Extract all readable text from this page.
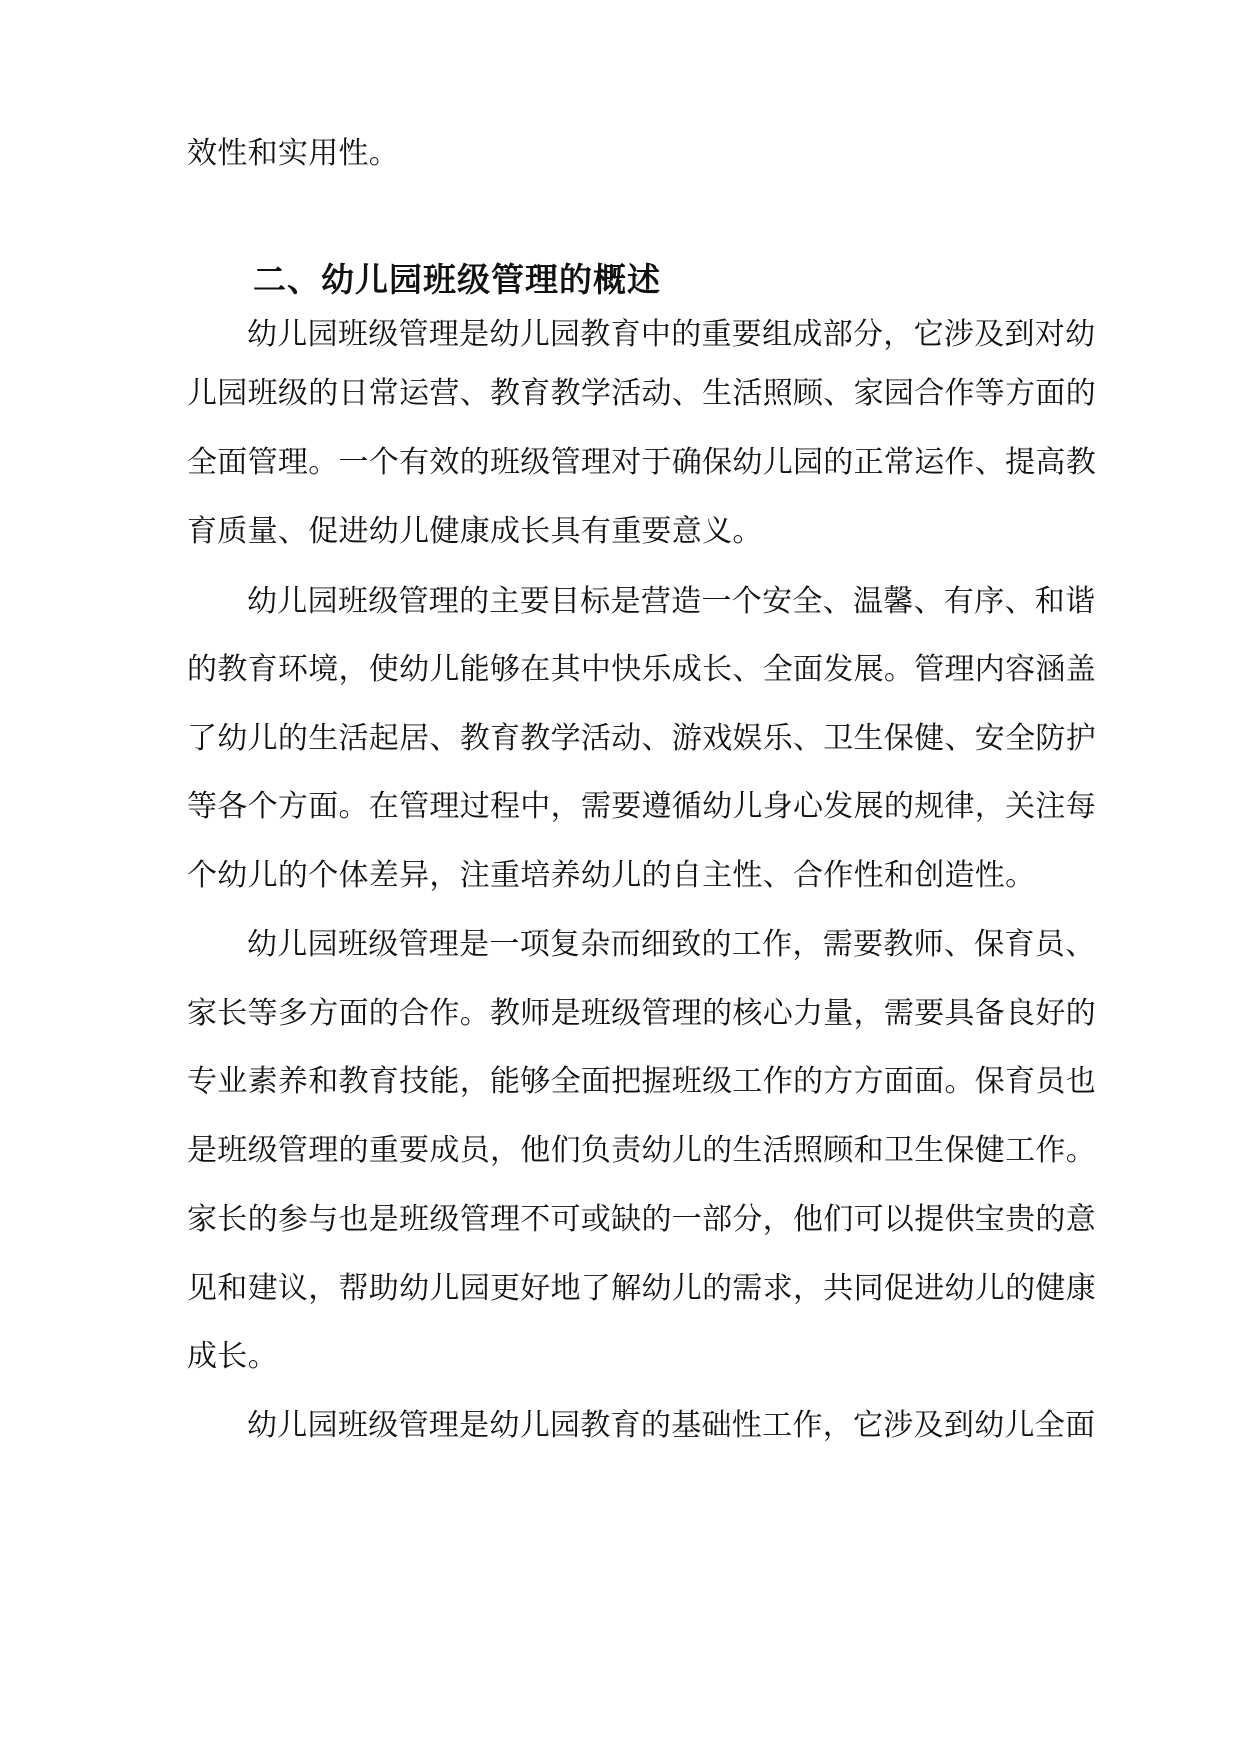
效性和实用性。
二、幼儿园班级管理的概述
幼儿园班级管理是幼儿园教育中的重要组成部分，它涉及到对幼
儿园班级的日常运营、教育教学活动、生活照顾、家园合作等方面的
全面管理。一个有效的班级管理对于确保幼儿园的正常运作、提高教
育质量、促进幼儿健康成长具有重要意义。
幼儿园班级管理的主要目标是营造一个安全、温馨、有序、和谐
的教育环境，使幼儿能够在其中快乐成长、全面发展。管理内容涵盖
了幼儿的生活起居、教育教学活动、游戏娱乐、卫生保健、安全防护
等各个方面。在管理过程中，需要遵循幼儿身心发展的规律，关注每
个幼儿的个体差异，注重培养幼儿的自主性、合作性和创造性。
幼儿园班级管理是一项复杂而细致的工作，需要教师、保育员、
家长等多方面的合作。教师是班级管理的核心力量，需要具备良好的
专业素养和教育技能，能够全面把握班级工作的方方面面。保育员也
是班级管理的重要成员，他们负责幼儿的生活照顾和卫生保健工作。
家长的参与也是班级管理不可或缺的一部分，他们可以提供宝贵的意
见和建议，帮助幼儿园更好地了解幼儿的需求，共同促进幼儿的健康
成长。
幼儿园班级管理是幼儿园教育的基础性工作，它涉及到幼儿全面
